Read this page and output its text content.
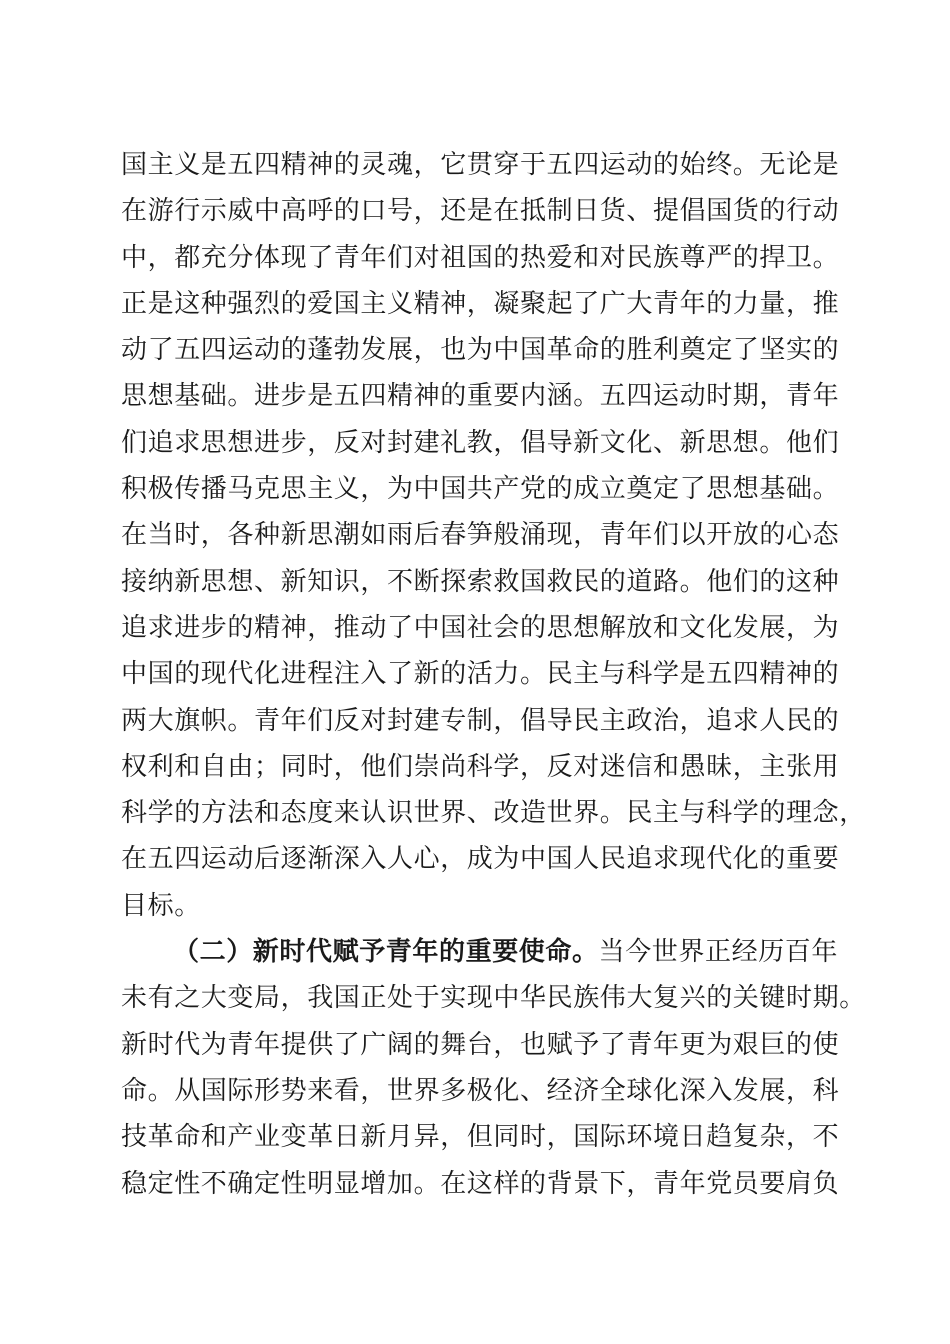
国主义是五四精神的灵魂，它贯穿于五四运动的始终。无论是
在游行示威中高呼的口号，还是在抵制日货、提倡国货的行动
中，都充分体现了青年们对祖国的热爱和对民族尊严的捍卫。
正是这种强烈的爱国主义精神，凝聚起了广大青年的力量，推
动了五四运动的蓬勃发展，也为中国革命的胜利奠定了坚实的
思想基础。进步是五四精神的重要内涵。五四运动时期，青年
们追求思想进步，反对封建礼教，倡导新文化、新思想。他们
积极传播马克思主义，为中国共产党的成立奠定了思想基础。
在当时，各种新思潮如雨后春笋般涌现，青年们以开放的心态
接纳新思想、新知识，不断探索救国救民的道路。他们的这种
追求进步的精神，推动了中国社会的思想解放和文化发展，为
中国的现代化进程注入了新的活力。民主与科学是五四精神的
两大旗帜。青年们反对封建专制，倡导民主政治，追求人民的
权利和自由；同时，他们崇尚科学，反对迷信和愚昧，主张用
科学的方法和态度来认识世界、改造世界。民主与科学的理念，
在五四运动后逐渐深入人心，成为中国人民追求现代化的重要
目标。
（二）新时代赋予青年的重要使命。当今世界正经历百年
未有之大变局，我国正处于实现中华民族伟大复兴的关键时期。
新时代为青年提供了广阔的舞台，也赋予了青年更为艰巨的使
命。从国际形势来看，世界多极化、经济全球化深入发展，科
技革命和产业变革日新月异，但同时，国际环境日趋复杂，不
稳定性不确定性明显增加。在这样的背景下，青年党员要肩负
